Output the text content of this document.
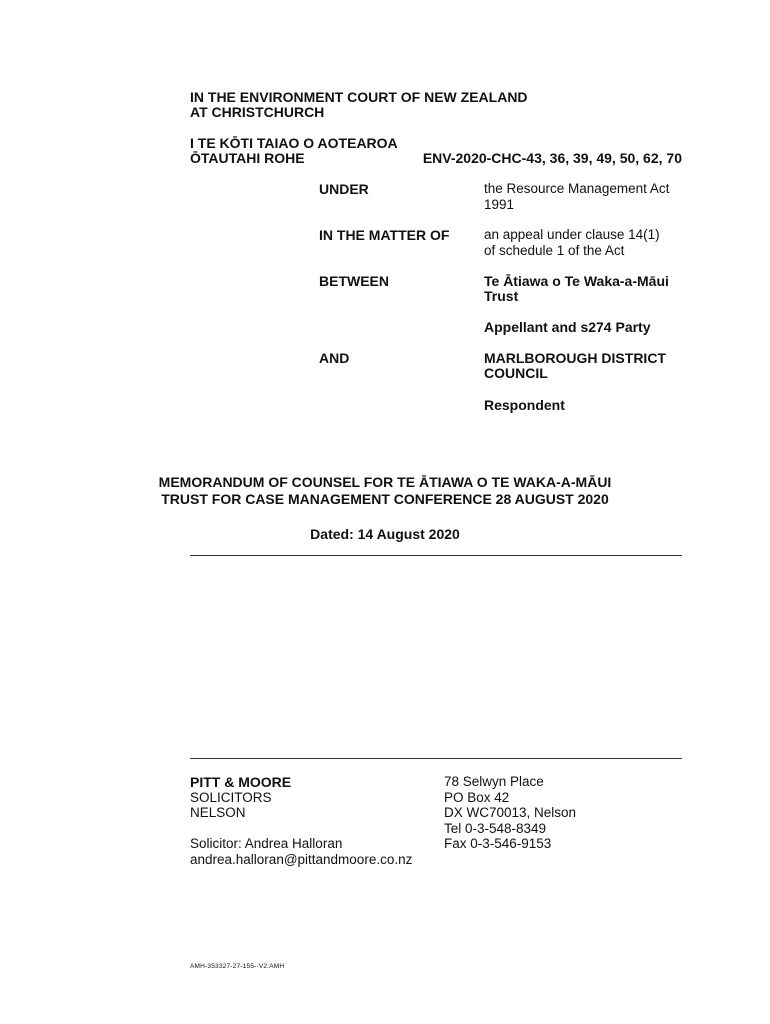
IN THE ENVIRONMENT COURT OF NEW ZEALAND
AT CHRISTCHURCH
I TE KŌTI TAIAO O AOTEAROA
ŌTAUTAHI ROHE	ENV-2020-CHC-43, 36, 39, 49, 50, 62, 70
UNDER	the Resource Management Act
1991
IN THE MATTER OF	an appeal under clause 14(1)
of schedule 1 of the Act
BETWEEN	Te Ātiawa o Te Waka-a-Māui
Trust
Appellant and s274 Party
AND	MARLBOROUGH DISTRICT
COUNCIL
Respondent
MEMORANDUM OF COUNSEL FOR TE ĀTIAWA O TE WAKA-A-MĀUI
TRUST FOR CASE MANAGEMENT CONFERENCE 28 AUGUST 2020
Dated: 14 August 2020
PITT & MOORE
SOLICITORS
NELSON
Solicitor: Andrea Halloran
andrea.halloran@pittandmoore.co.nz
78 Selwyn Place
PO Box 42
DX WC70013, Nelson
Tel 0-3-548-8349
Fax 0-3-546-9153
AMH-353327-27-155--V2:AMH
